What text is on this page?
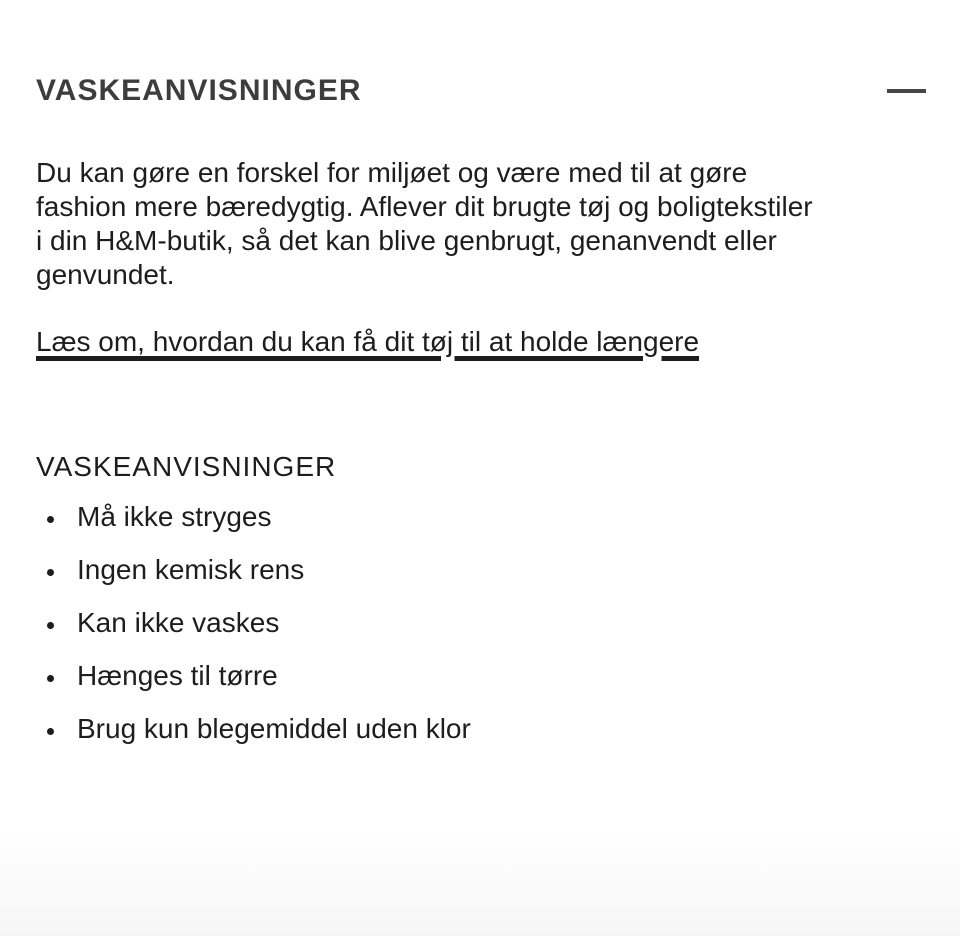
VASKEANVISNINGER

Du kan gøre en forskel for miljøet og være med til at gøre
fashion mere bæredygtig. Aflever dit brugte tøj og boligtekstiler
i din H&M-butik, så det kan blive genbrugt, genanvendt eller
genvundet.

Læs om, hvordan du kan få dit tøj til at holde længere
VASKEANVISNINGER
Må ikke stryges
Ingen kemisk rens
Kan ikke vaskes
Hænges til tørre
Brug kun blegemiddel uden klor
